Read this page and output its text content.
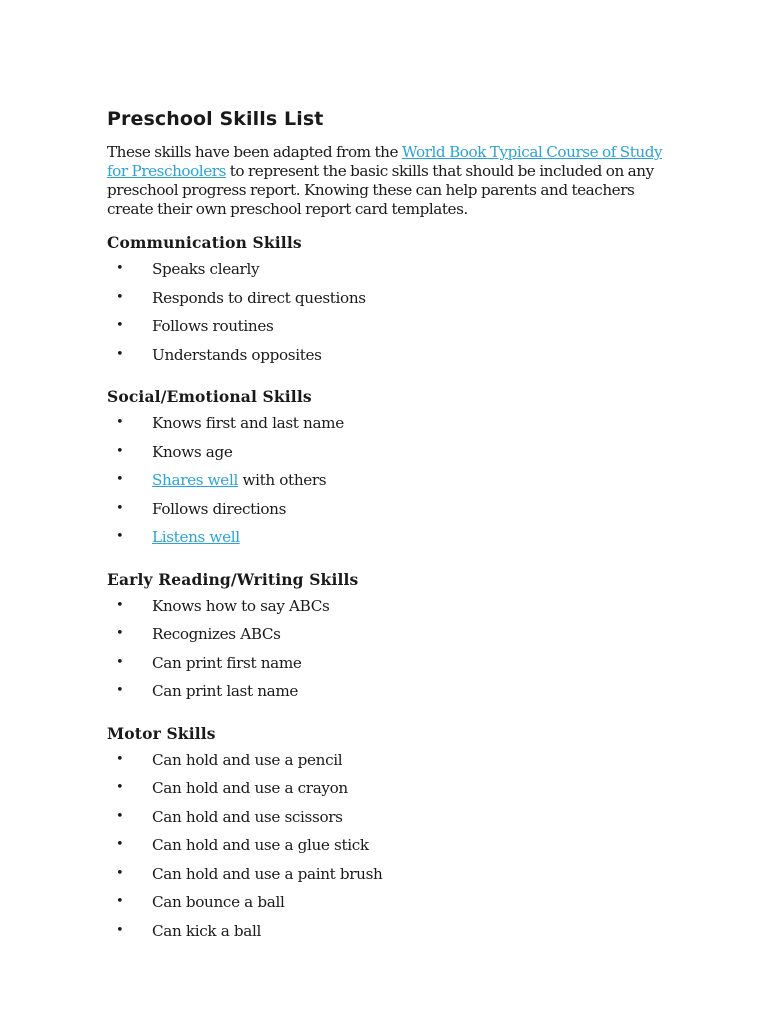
Preschool Skills List

These skills have been adapted from the World Book Typical Course of Study for Preschoolers to represent the basic skills that should be included on any preschool progress report. Knowing these can help parents and teachers create their own preschool report card templates.

Communication Skills
• Speaks clearly
• Responds to direct questions
• Follows routines
• Understands opposites
Social/Emotional Skills
• Knows first and last name
• Knows age
• Shares well with others
• Follows directions
• Listens well
Early Reading/Writing Skills
• Knows how to say ABCs
• Recognizes ABCs
• Can print first name
• Can print last name
Motor Skills
• Can hold and use a pencil
• Can hold and use a crayon
• Can hold and use scissors
• Can hold and use a glue stick
• Can hold and use a paint brush
• Can bounce a ball
• Can kick a ball
